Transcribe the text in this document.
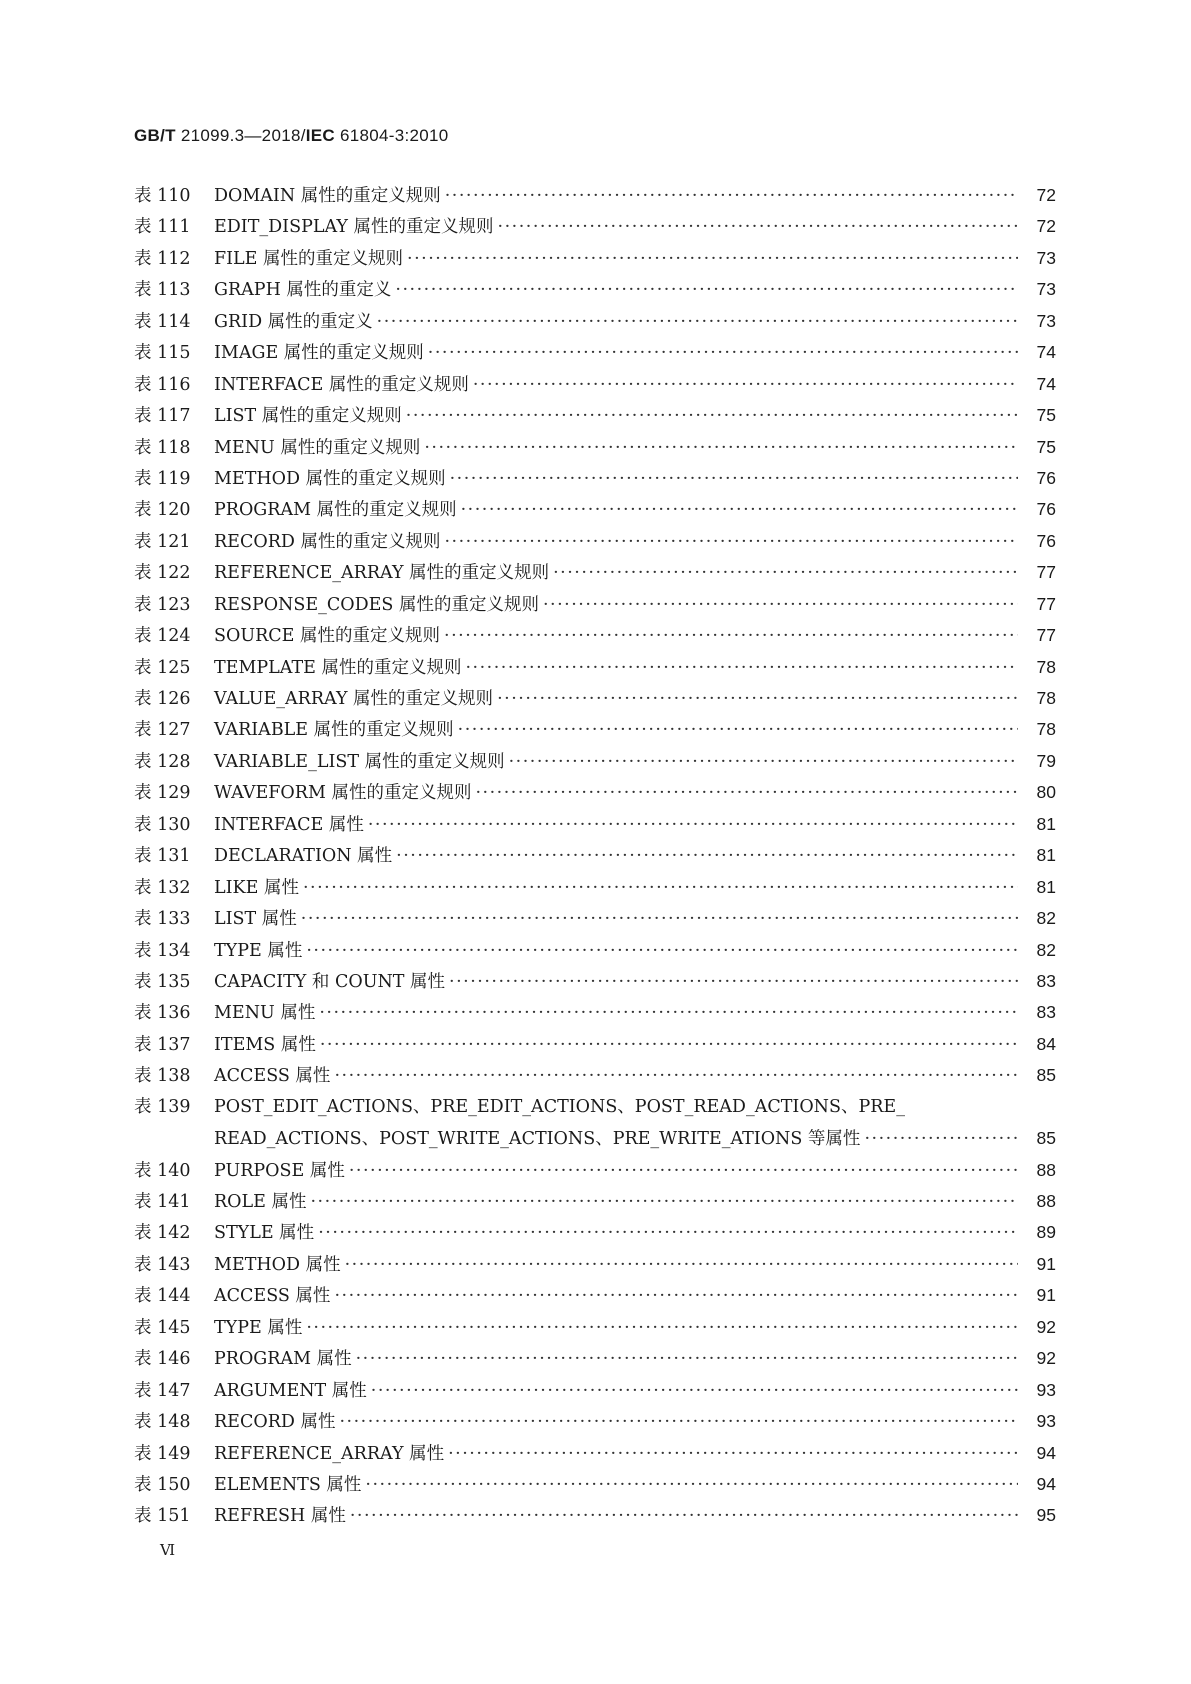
GB/T 21099.3—2018/IEC 61804-3:2010
表 110	DOMAIN 属性的重定义规则 ·····	72
表 111	EDIT_DISPLAY 属性的重定义规则 ·····	72
表 112	FILE 属性的重定义规则 ·····	73
表 113	GRAPH 属性的重定义 ·····	73
表 114	GRID 属性的重定义 ·····	73
表 115	IMAGE 属性的重定义规则 ·····	74
表 116	INTERFACE 属性的重定义规则 ·····	74
表 117	LIST 属性的重定义规则 ·····	75
表 118	MENU 属性的重定义规则 ·····	75
表 119	METHOD 属性的重定义规则 ·····	76
表 120	PROGRAM 属性的重定义规则 ·····	76
表 121	RECORD 属性的重定义规则 ·····	76
表 122	REFERENCE_ARRAY 属性的重定义规则 ·····	77
表 123	RESPONSE_CODES 属性的重定义规则 ·····	77
表 124	SOURCE 属性的重定义规则 ·····	77
表 125	TEMPLATE 属性的重定义规则 ·····	78
表 126	VALUE_ARRAY 属性的重定义规则 ·····	78
表 127	VARIABLE 属性的重定义规则 ·····	78
表 128	VARIABLE_LIST 属性的重定义规则 ·····	79
表 129	WAVEFORM 属性的重定义规则 ·····	80
表 130	INTERFACE 属性 ·····	81
表 131	DECLARATION 属性 ·····	81
表 132	LIKE 属性 ·····	81
表 133	LIST 属性 ·····	82
表 134	TYPE 属性 ·····	82
表 135	CAPACITY 和 COUNT 属性 ·····	83
表 136	MENU 属性 ·····	83
表 137	ITEMS 属性 ·····	84
表 138	ACCESS 属性 ·····	85
表 139	POST_EDIT_ACTIONS、PRE_EDIT_ACTIONS、POST_READ_ACTIONS、PRE_
READ_ACTIONS、POST_WRITE_ACTIONS、PRE_WRITE_ATIONS 等属性 ·····	85
表 140	PURPOSE 属性 ·····	88
表 141	ROLE 属性 ·····	88
表 142	STYLE 属性 ·····	89
表 143	METHOD 属性 ·····	91
表 144	ACCESS 属性 ·····	91
表 145	TYPE 属性 ·····	92
表 146	PROGRAM 属性 ·····	92
表 147	ARGUMENT 属性 ·····	93
表 148	RECORD 属性 ·····	93
表 149	REFERENCE_ARRAY 属性 ·····	94
表 150	ELEMENTS 属性 ·····	94
表 151	REFRESH 属性 ·····	95
Ⅵ
